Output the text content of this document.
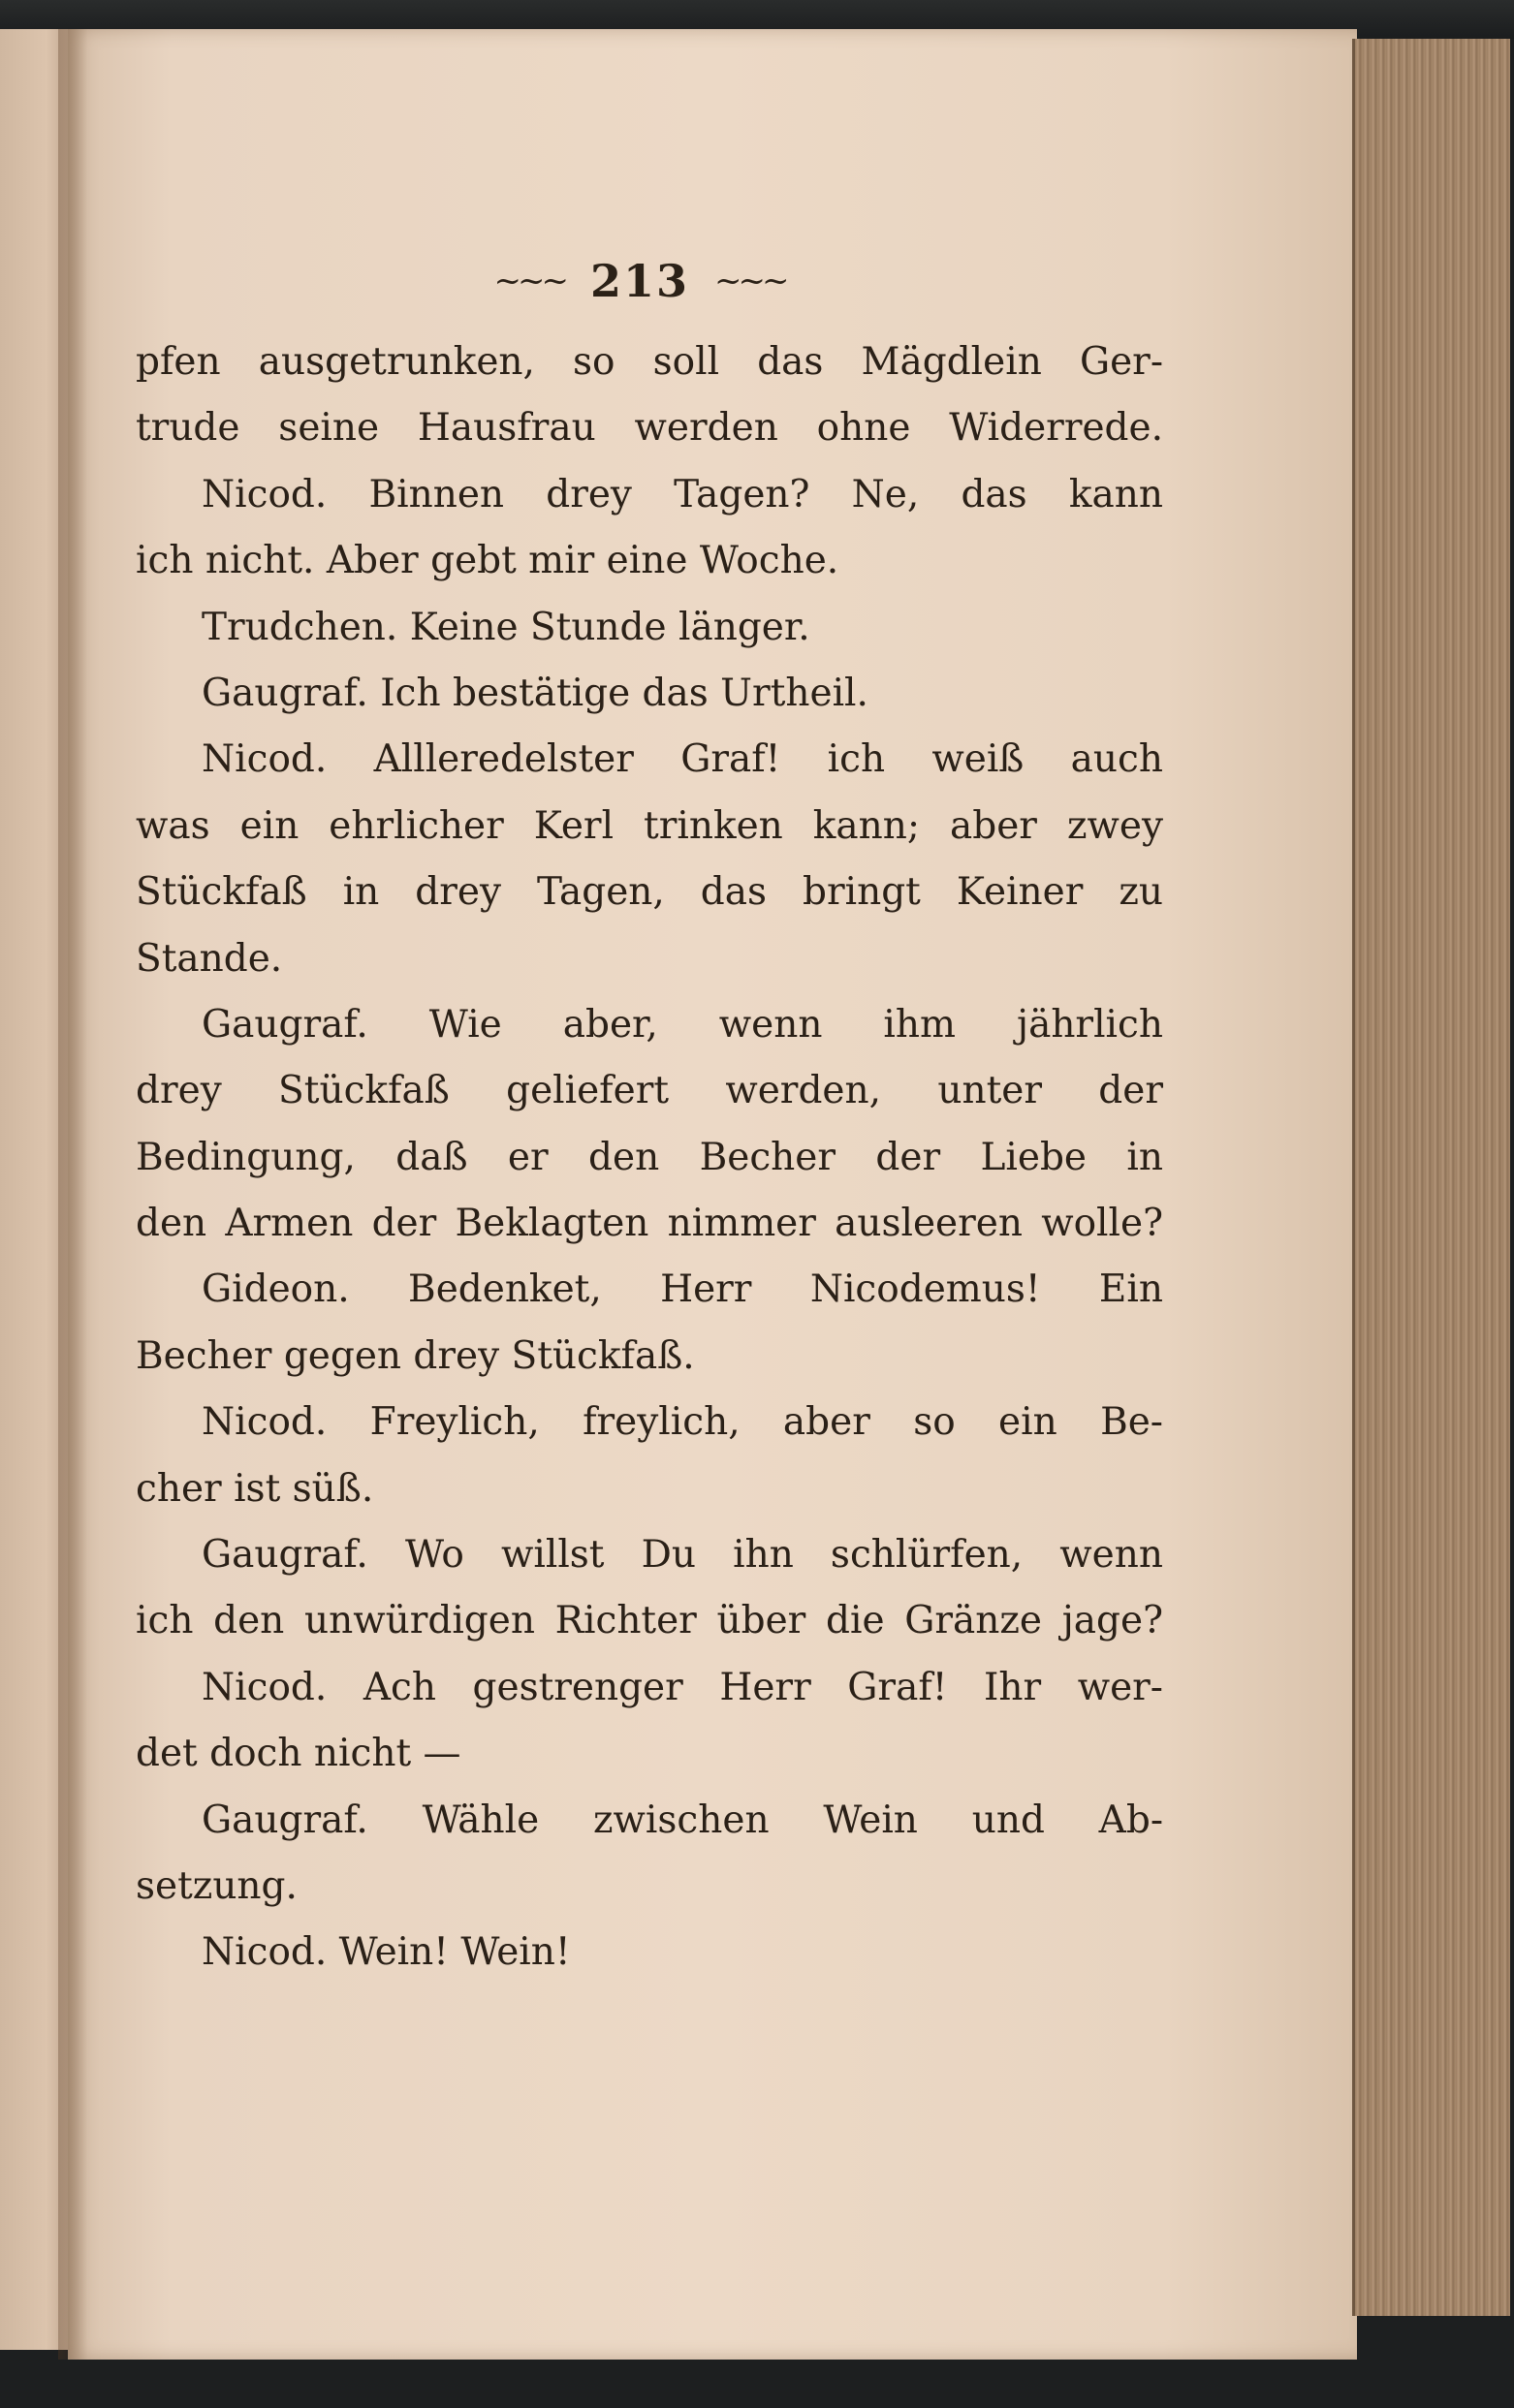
~~~ 213 ~~~
pfen ausgetrunken, so soll das Mägdlein Ger-
trude seine Hausfrau werden ohne Widerrede.
Nicod. Binnen drey Tagen? Ne, das kann
ich nicht. Aber gebt mir eine Woche.
Trudchen. Keine Stunde länger.
Gaugraf. Ich bestätige das Urtheil.
Nicod. Allleredelster Graf! ich weiß auch
was ein ehrlicher Kerl trinken kann; aber zwey
Stückfaß in drey Tagen, das bringt Keiner zu
Stande.
Gaugraf. Wie aber, wenn ihm jährlich
drey Stückfaß geliefert werden, unter der
Bedingung, daß er den Becher der Liebe in
den Armen der Beklagten nimmer ausleeren wolle?
Gideon. Bedenket, Herr Nicodemus! Ein
Becher gegen drey Stückfaß.
Nicod. Freylich, freylich, aber so ein Be-
cher ist süß.
Gaugraf. Wo willst Du ihn schlürfen, wenn
ich den unwürdigen Richter über die Gränze jage?
Nicod. Ach gestrenger Herr Graf! Ihr wer-
det doch nicht —
Gaugraf. Wähle zwischen Wein und Ab-
setzung.
Nicod. Wein! Wein!
